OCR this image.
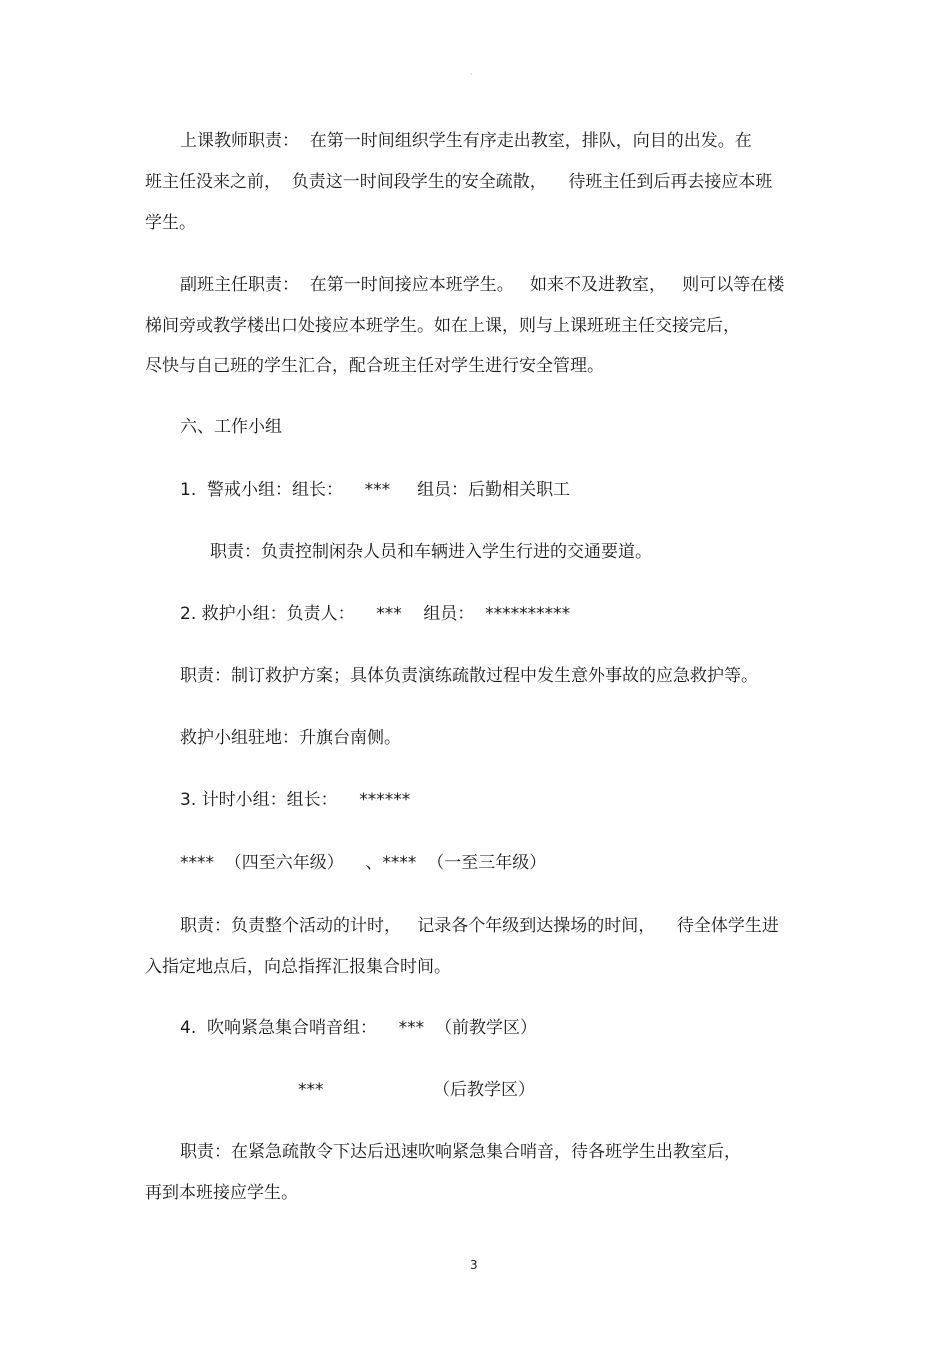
·
上课教师职责：  在第一时间组织学生有序走出教室，排队，向目的出发。在
班主任没来之前，  负责这一时间段学生的安全疏散，    待班主任到后再去接应本班
学生。
副班主任职责：  在第一时间接应本班学生。   如来不及进教室，   则可以等在楼
梯间旁或教学楼出口处接应本班学生。如在上课，则与上课班班主任交接完后，
尽快与自己班的学生汇合，配合班主任对学生进行安全管理。
六、工作小组
1.  警戒小组：组长：    ***     组员：后勤相关职工
职责：负责控制闲杂人员和车辆进入学生行进的交通要道。
2. 救护小组：负责人：    ***    组员：  **********
职责：制订救护方案；具体负责演练疏散过程中发生意外事故的应急救护等。
救护小组驻地：升旗台南侧。
3. 计时小组：组长：    ******
****  （四至六年级）    、****  （一至三年级）
职责：负责整个活动的计时，   记录各个年级到达操场的时间，    待全体学生进
入指定地点后，向总指挥汇报集合时间。
4.  吹响紧急集合哨音组：    ***  （前教学区）
***	（后教学区）
职责：在紧急疏散令下达后迅速吹响紧急集合哨音，待各班学生出教室后，
再到本班接应学生。
3
